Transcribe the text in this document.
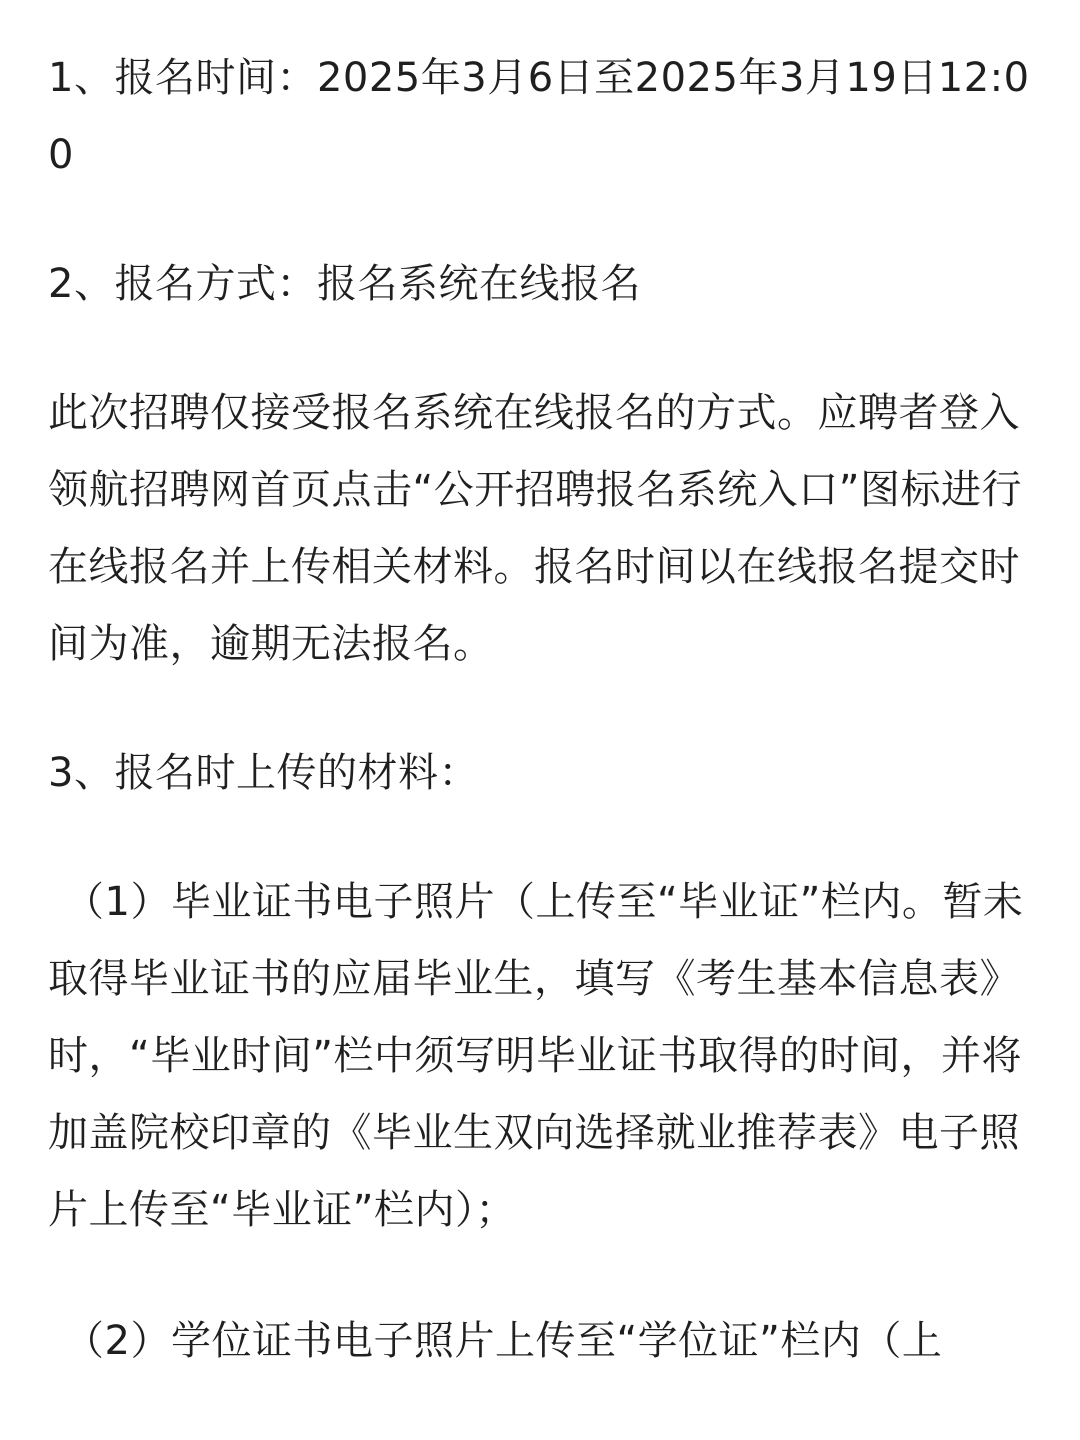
1、报名时间：2025年3月6日至2025年3月19日12:00

2、报名方式：报名系统在线报名

此次招聘仅接受报名系统在线报名的方式。应聘者登入领航招聘网首页点击“公开招聘报名系统入口”图标进行在线报名并上传相关材料。报名时间以在线报名提交时间为准，逾期无法报名。

3、报名时上传的材料：

（1）毕业证书电子照片（上传至“毕业证”栏内。暂未取得毕业证书的应届毕业生，填写《考生基本信息表》时，“毕业时间”栏中须写明毕业证书取得的时间，并将加盖院校印章的《毕业生双向选择就业推荐表》电子照片上传至“毕业证”栏内）；

（2）学位证书电子照片上传至“学位证”栏内（上
